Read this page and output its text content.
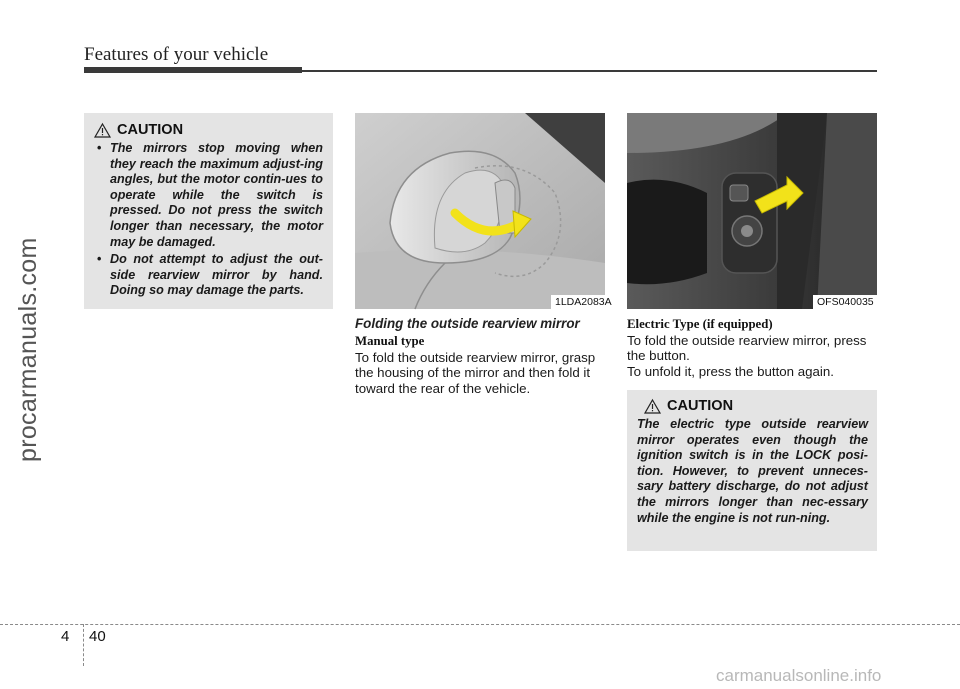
Features of your vehicle
procarmanuals.com
CAUTION
• The mirrors stop moving when they reach the maximum adjust-ing angles, but the motor contin-ues to operate while the switch is pressed. Do not press the switch longer than necessary, the motor may be damaged.
• Do not attempt to adjust the out-side rearview mirror by hand. Doing so may damage the parts.
1LDA2083A	OFS040035
Folding the outside rearview mirror
Manual type
To fold the outside rearview mirror, grasp the housing of the mirror and then fold it toward the rear of the vehicle.
Electric Type (if equipped)

To fold the outside rearview mirror, press the button.

To unfold it, press the button again.

CAUTION

The electric type outside rearview mirror operates even though the ignition switch is in the LOCK posi-tion. However, to prevent unneces-sary battery discharge, do not adjust the mirrors longer than nec-essary while the engine is not run-ning.

4 40
carmanualsonline.info
